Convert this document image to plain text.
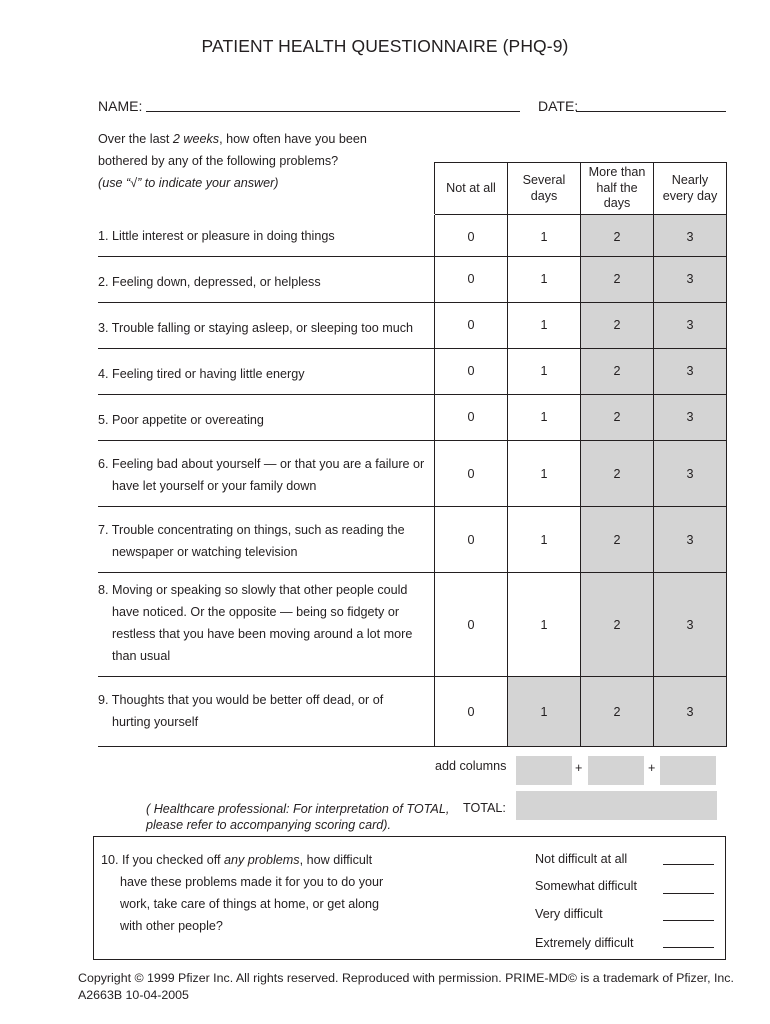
PATIENT HEALTH QUESTIONNAIRE (PHQ-9)
NAME:	DATE:
Over the last 2 weeks, how often have you been
bothered by any of the following problems?
(use “√” to indicate your answer)
		Not at all	Several days	More than half the days	Nearly every day
1. Little interest or pleasure in doing things	0	1	2	3
2. Feeling down, depressed, or helpless	0	1	2	3
3. Trouble falling or staying asleep, or sleeping too much	0	1	2	3
4. Feeling tired or having little energy	0	1	2	3
5. Poor appetite or overeating	0	1	2	3

6. Feeling bad about yourself — or that you are a failure or
have let yourself or your family down	0	1	2	3

7. Trouble concentrating on things, such as reading the
newspaper or watching television	0	1	2	3

8. Moving or speaking so slowly that other people could
have noticed. Or the opposite — being so fidgety or
restless that you have been moving around a lot more
than usual	0	1	2	3

9. Thoughts that you would be better off dead, or of
hurting yourself	0	1	2	3
add columns	+	+
( Healthcare professional: For interpretation of TOTAL,
please refer to accompanying scoring card).
TOTAL:
10. If you checked off any problems, how difficult
have these problems made it for you to do your
work, take care of things at home, or get along
with other people?
Not difficult at all
Somewhat difficult
Very difficult
Extremely difficult
Copyright © 1999 Pfizer Inc. All rights reserved. Reproduced with permission. PRIME-MD© is a trademark of Pfizer, Inc.
A2663B 10-04-2005
